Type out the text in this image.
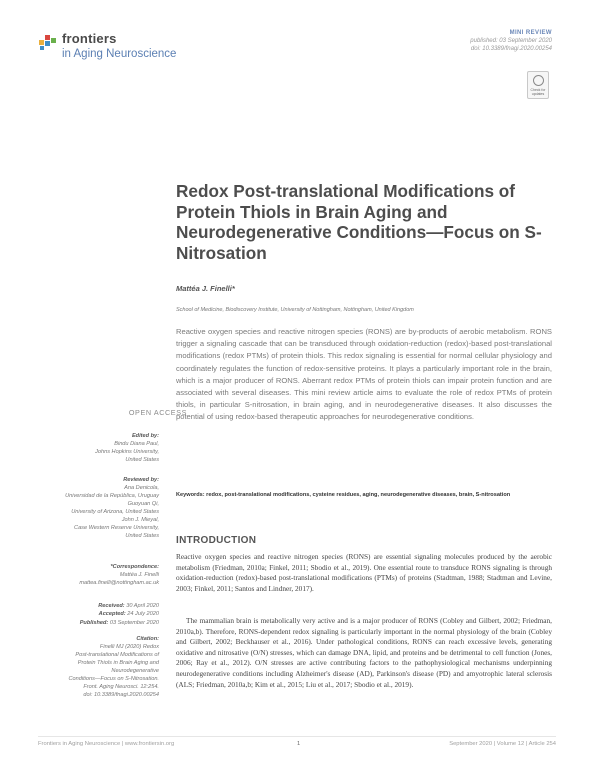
frontiers
in Aging Neuroscience
MINI REVIEW
published: 03 September 2020
doi: 10.3389/fnagi.2020.00254
Check for updates
Redox Post-translational Modifications of Protein Thiols in Brain Aging and Neurodegenerative Conditions—Focus on S-Nitrosation
Mattéa J. Finelli*
School of Medicine, Biodiscovery Institute, University of Nottingham, Nottingham, United Kingdom
Reactive oxygen species and reactive nitrogen species (RONS) are by-products of aerobic metabolism. RONS trigger a signaling cascade that can be transduced through oxidation-reduction (redox)-based post-translational modifications (redox PTMs) of protein thiols. This redox signaling is essential for normal cellular physiology and coordinately regulates the function of redox-sensitive proteins. It plays a particularly important role in the brain, which is a major producer of RONS. Aberrant redox PTMs of protein thiols can impair protein function and are associated with several diseases. This mini review article aims to evaluate the role of redox PTMs of protein thiols, in particular S-nitrosation, in brain aging, and in neurodegenerative diseases. It also discusses the potential of using redox-based therapeutic approaches for neurodegenerative conditions.
Keywords: redox, post-translational modifications, cysteine residues, aging, neurodegenerative diseases, brain, S-nitrosation
OPEN ACCESS
Edited by:
Bindu Diana Paul,
Johns Hopkins University,
United States
Reviewed by:
Ana Denicola,
Universidad de la República, Uruguay
Guoyuan Qi,
University of Arizona, United States
John J. Mieyal,
Case Western Reserve University,
United States
*Correspondence:
Mattéa J. Finelli
mattea.finelli@nottingham.ac.uk
Received: 30 April 2020
Accepted: 24 July 2020
Published: 03 September 2020
Citation:
Finelli MJ (2020) Redox
Post-translational Modifications of
Protein Thiols in Brain Aging and
Neurodegenerative
Conditions—Focus on S-Nitrosation.
Front. Aging Neurosci. 12:254.
doi: 10.3389/fnagi.2020.00254
INTRODUCTION
Reactive oxygen species and reactive nitrogen species (RONS) are essential signaling molecules produced by the aerobic metabolism (Friedman, 2010a; Finkel, 2011; Sbodio et al., 2019). One essential route to transduce RONS signaling is through oxidation-reduction (redox)-based post-translational modifications (PTMs) of proteins (Stadtman, 1988; Stadtman and Levine, 2003; Finkel, 2011; Santos and Lindner, 2017).
The mammalian brain is metabolically very active and is a major producer of RONS (Cobley and Gilbert, 2002; Friedman, 2010a,b). Therefore, RONS-dependent redox signaling is particularly important in the normal physiology of the brain (Cobley and Gilbert, 2002; Beckhauser et al., 2016). Under pathological conditions, RONS can reach excessive levels, generating oxidative and nitrosative (O/N) stresses, which can damage DNA, lipid, and proteins and be detrimental to cell function (Jones, 2006; Ray et al., 2012). O/N stresses are active contributing factors to the pathophysiological mechanisms underpinning neurodegenerative conditions including Alzheimer's disease (AD), Parkinson's disease (PD) and amyotrophic lateral sclerosis (ALS; Friedman, 2010a,b; Kim et al., 2015; Liu et al., 2017; Sbodio et al., 2019).
Frontiers in Aging Neuroscience | www.frontiersin.org	1	September 2020 | Volume 12 | Article 254
